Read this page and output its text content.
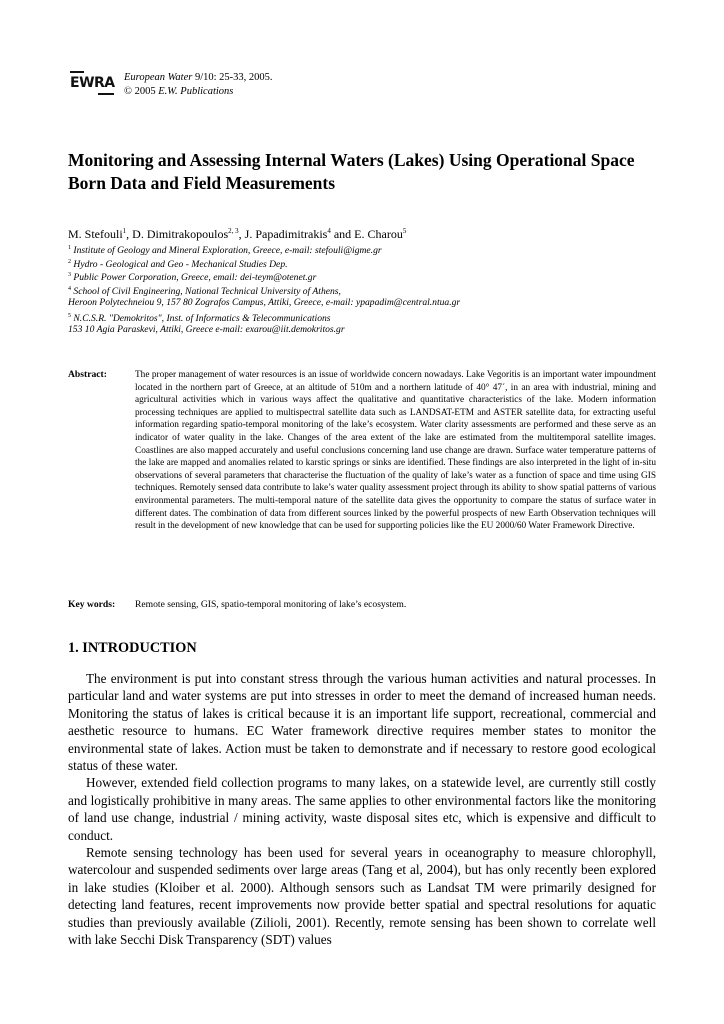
EWRA European Water 9/10: 25-33, 2005.
© 2005 E.W. Publications
Monitoring and Assessing Internal Waters (Lakes) Using Operational Space Born Data and Field Measurements
M. Stefouli$^1$, D. Dimitrakopoulos$^{2, 3}$, J. Papadimitrakis$^4$ and E. Charou$^5$
$^1$ Institute of Geology and Mineral Exploration, Greece, e-mail: stefouli@igme.gr
$^2$ Hydro - Geological and Geo - Mechanical Studies Dep.
$^3$ Public Power Corporation, Greece, email: dei-teym@otenet.gr
$^4$ School of Civil Engineering, National Technical University of Athens,
Heroon Polytechneiou 9, 157 80 Zografos Campus, Attiki, Greece, e-mail: ypapadim@central.ntua.gr
$^5$ N.C.S.R. "Demokritos", Inst. of Informatics & Telecommunications
153 10 Agia Paraskevi, Attiki, Greece e-mail: exarou@iit.demokritos.gr
Abstract:	The proper management of water resources is an issue of worldwide concern nowadays. Lake Vegoritis is an important water impoundment located in the northern part of Greece, at an altitude of 510m and a northern latitude of 40° 47´, in an area with industrial, mining and agricultural activities which in various ways affect the qualitative and quantitative characteristics of the lake. Modern information processing techniques are applied to multispectral satellite data such as LANDSAT-ETM and ASTER satellite data, for extracting useful information regarding spatio-temporal monitoring of the lake’s ecosystem. Water clarity assessments are performed and these serve as an indicator of water quality in the lake. Changes of the area extent of the lake are estimated from the multitemporal satellite images. Coastlines are also mapped accurately and useful conclusions concerning land use change are drawn. Surface water temperature patterns of the lake are mapped and anomalies related to karstic springs or sinks are identified. These findings are also interpreted in the light of in-situ observations of several parameters that characterise the fluctuation of the quality of lake’s water as a function of space and time using GIS techniques. Remotely sensed data contribute to lake’s water quality assessment project through its ability to show spatial patterns of various environmental parameters. The multi-temporal nature of the satellite data gives the opportunity to compare the status of surface water in different dates. The combination of data from different sources linked by the powerful prospects of new Earth Observation techniques will result in the development of new knowledge that can be used for supporting policies like the EU 2000/60 Water Framework Directive.
Key words: Remote sensing, GIS, spatio-temporal monitoring of lake’s ecosystem.
1. INTRODUCTION

The environment is put into constant stress through the various human activities and natural processes. In particular land and water systems are put into stresses in order to meet the demand of increased human needs. Monitoring the status of lakes is critical because it is an important life support, recreational, commercial and aesthetic resource to humans. EC Water framework directive requires member states to monitor the environmental state of lakes. Action must be taken to demonstrate and if necessary to restore good ecological status of these water.

However, extended field collection programs to many lakes, on a statewide level, are currently still costly and logistically prohibitive in many areas. The same applies to other environmental factors like the monitoring of land use change, industrial / mining activity, waste disposal sites etc, which is expensive and difficult to conduct.

Remote sensing technology has been used for several years in oceanography to measure chlorophyll, watercolour and suspended sediments over large areas (Tang et al, 2004), but has only recently been explored in lake studies (Kloiber et al. 2000). Although sensors such as Landsat TM were primarily designed for detecting land features, recent improvements now provide better spatial and spectral resolutions for aquatic studies than previously available (Zilioli, 2001). Recently, remote sensing has been shown to correlate well with lake Secchi Disk Transparency (SDT) values
